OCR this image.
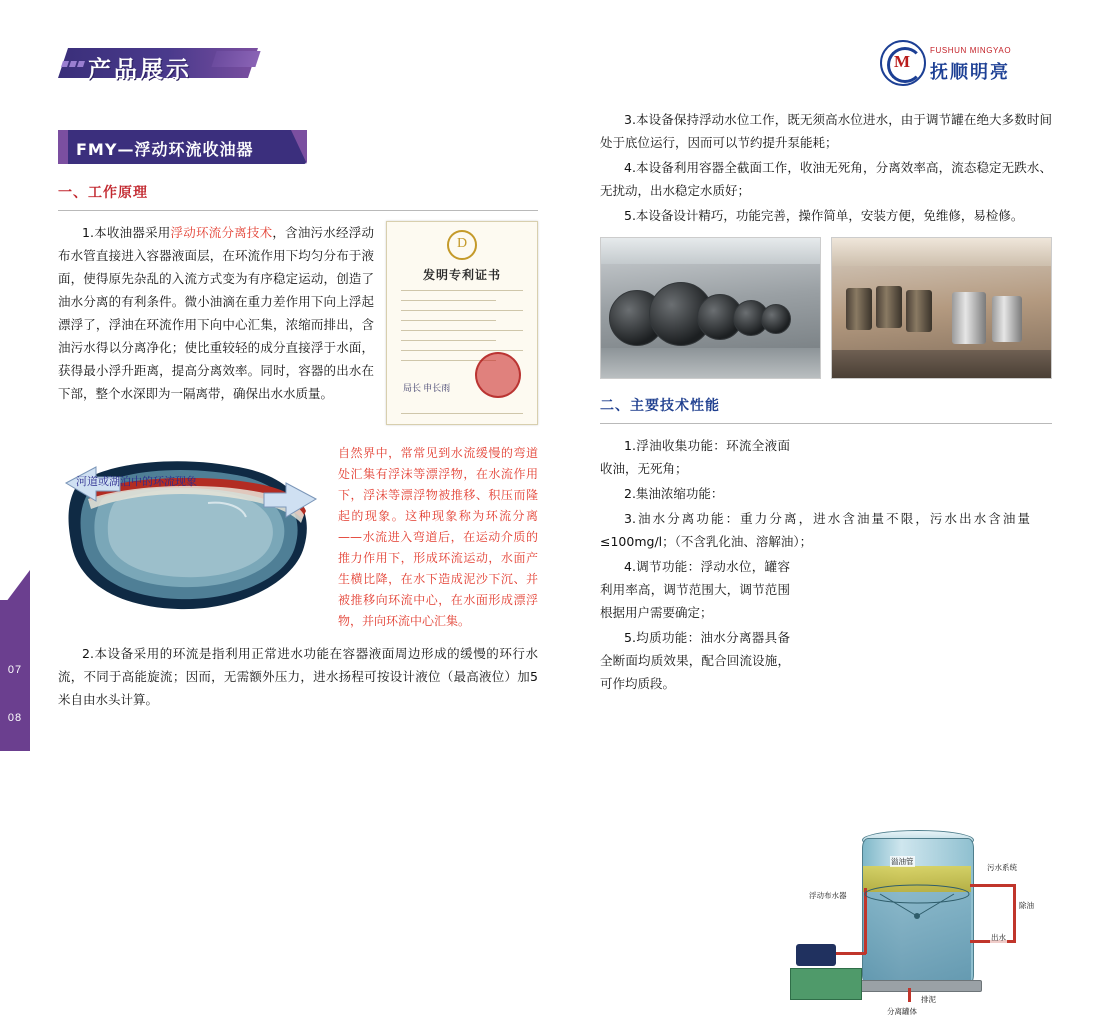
07
08
产品展示	M
FUSHUN MINGYAO
抚顺明亮
FMY—浮动环流收油器
一、工作原理
D
发明专利证书
局长 申长雨

1.本收油器采用浮动环流分离技术，含油污水经浮动布水管直接进入容器液面层，在环流作用下均匀分布于液面，使得原先杂乱的入流方式变为有序稳定运动，创造了油水分离的有利条件。微小油滴在重力差作用下向上浮起漂浮了，浮油在环流作用下向中心汇集，浓缩而排出，含油污水得以分离净化；使比重较轻的成分直接浮于水面，获得最小浮升距离，提高分离效率。同时，容器的出水在下部，整个水深即为一隔离带，确保出水水质量。

河道或湖泊中的环流现象
自然界中，常常见到水流缓慢的弯道处汇集有浮沫等漂浮物，在水流作用下，浮沫等漂浮物被推移、积压而隆起的现象。这种现象称为环流分离——水流进入弯道后，在运动介质的推力作用下，形成环流运动，水面产生横比降，在水下造成泥沙下沉、并被推移向环流中心，在水面形成漂浮物，并向环流中心汇集。

2.本设备采用的环流是指利用正常进水功能在容器液面周边形成的缓慢的环行水流，不同于高能旋流；因而，无需额外压力，进水扬程可按设计液位（最高液位）加5米自由水头计算。

3.本设备保持浮动水位工作，既无须高水位进水，由于调节罐在绝大多数时间处于底位运行，因而可以节约提升泵能耗；

4.本设备利用容器全截面工作，收油无死角，分离效率高，流态稳定无跌水、无扰动，出水稳定水质好；

5.本设备设计精巧，功能完善，操作简单，安装方便，免维修，易检修。

二、主要技术性能

1.浮油收集功能：环流全液面收油，无死角；

2.集油浓缩功能：

3.油水分离功能：重力分离，进水含油量不限，污水出水含油量≤100mg/l；（不含乳化油、溶解油）；

4.调节功能：浮动水位，罐容利用率高，调节范围大，调节范围根据用户需要确定；

5.均质功能：油水分离器具备全断面均质效果，配合回流设施，可作均质段。

溢油管
浮动布水器
污水系统
除油
出水
排泥
分离罐体
